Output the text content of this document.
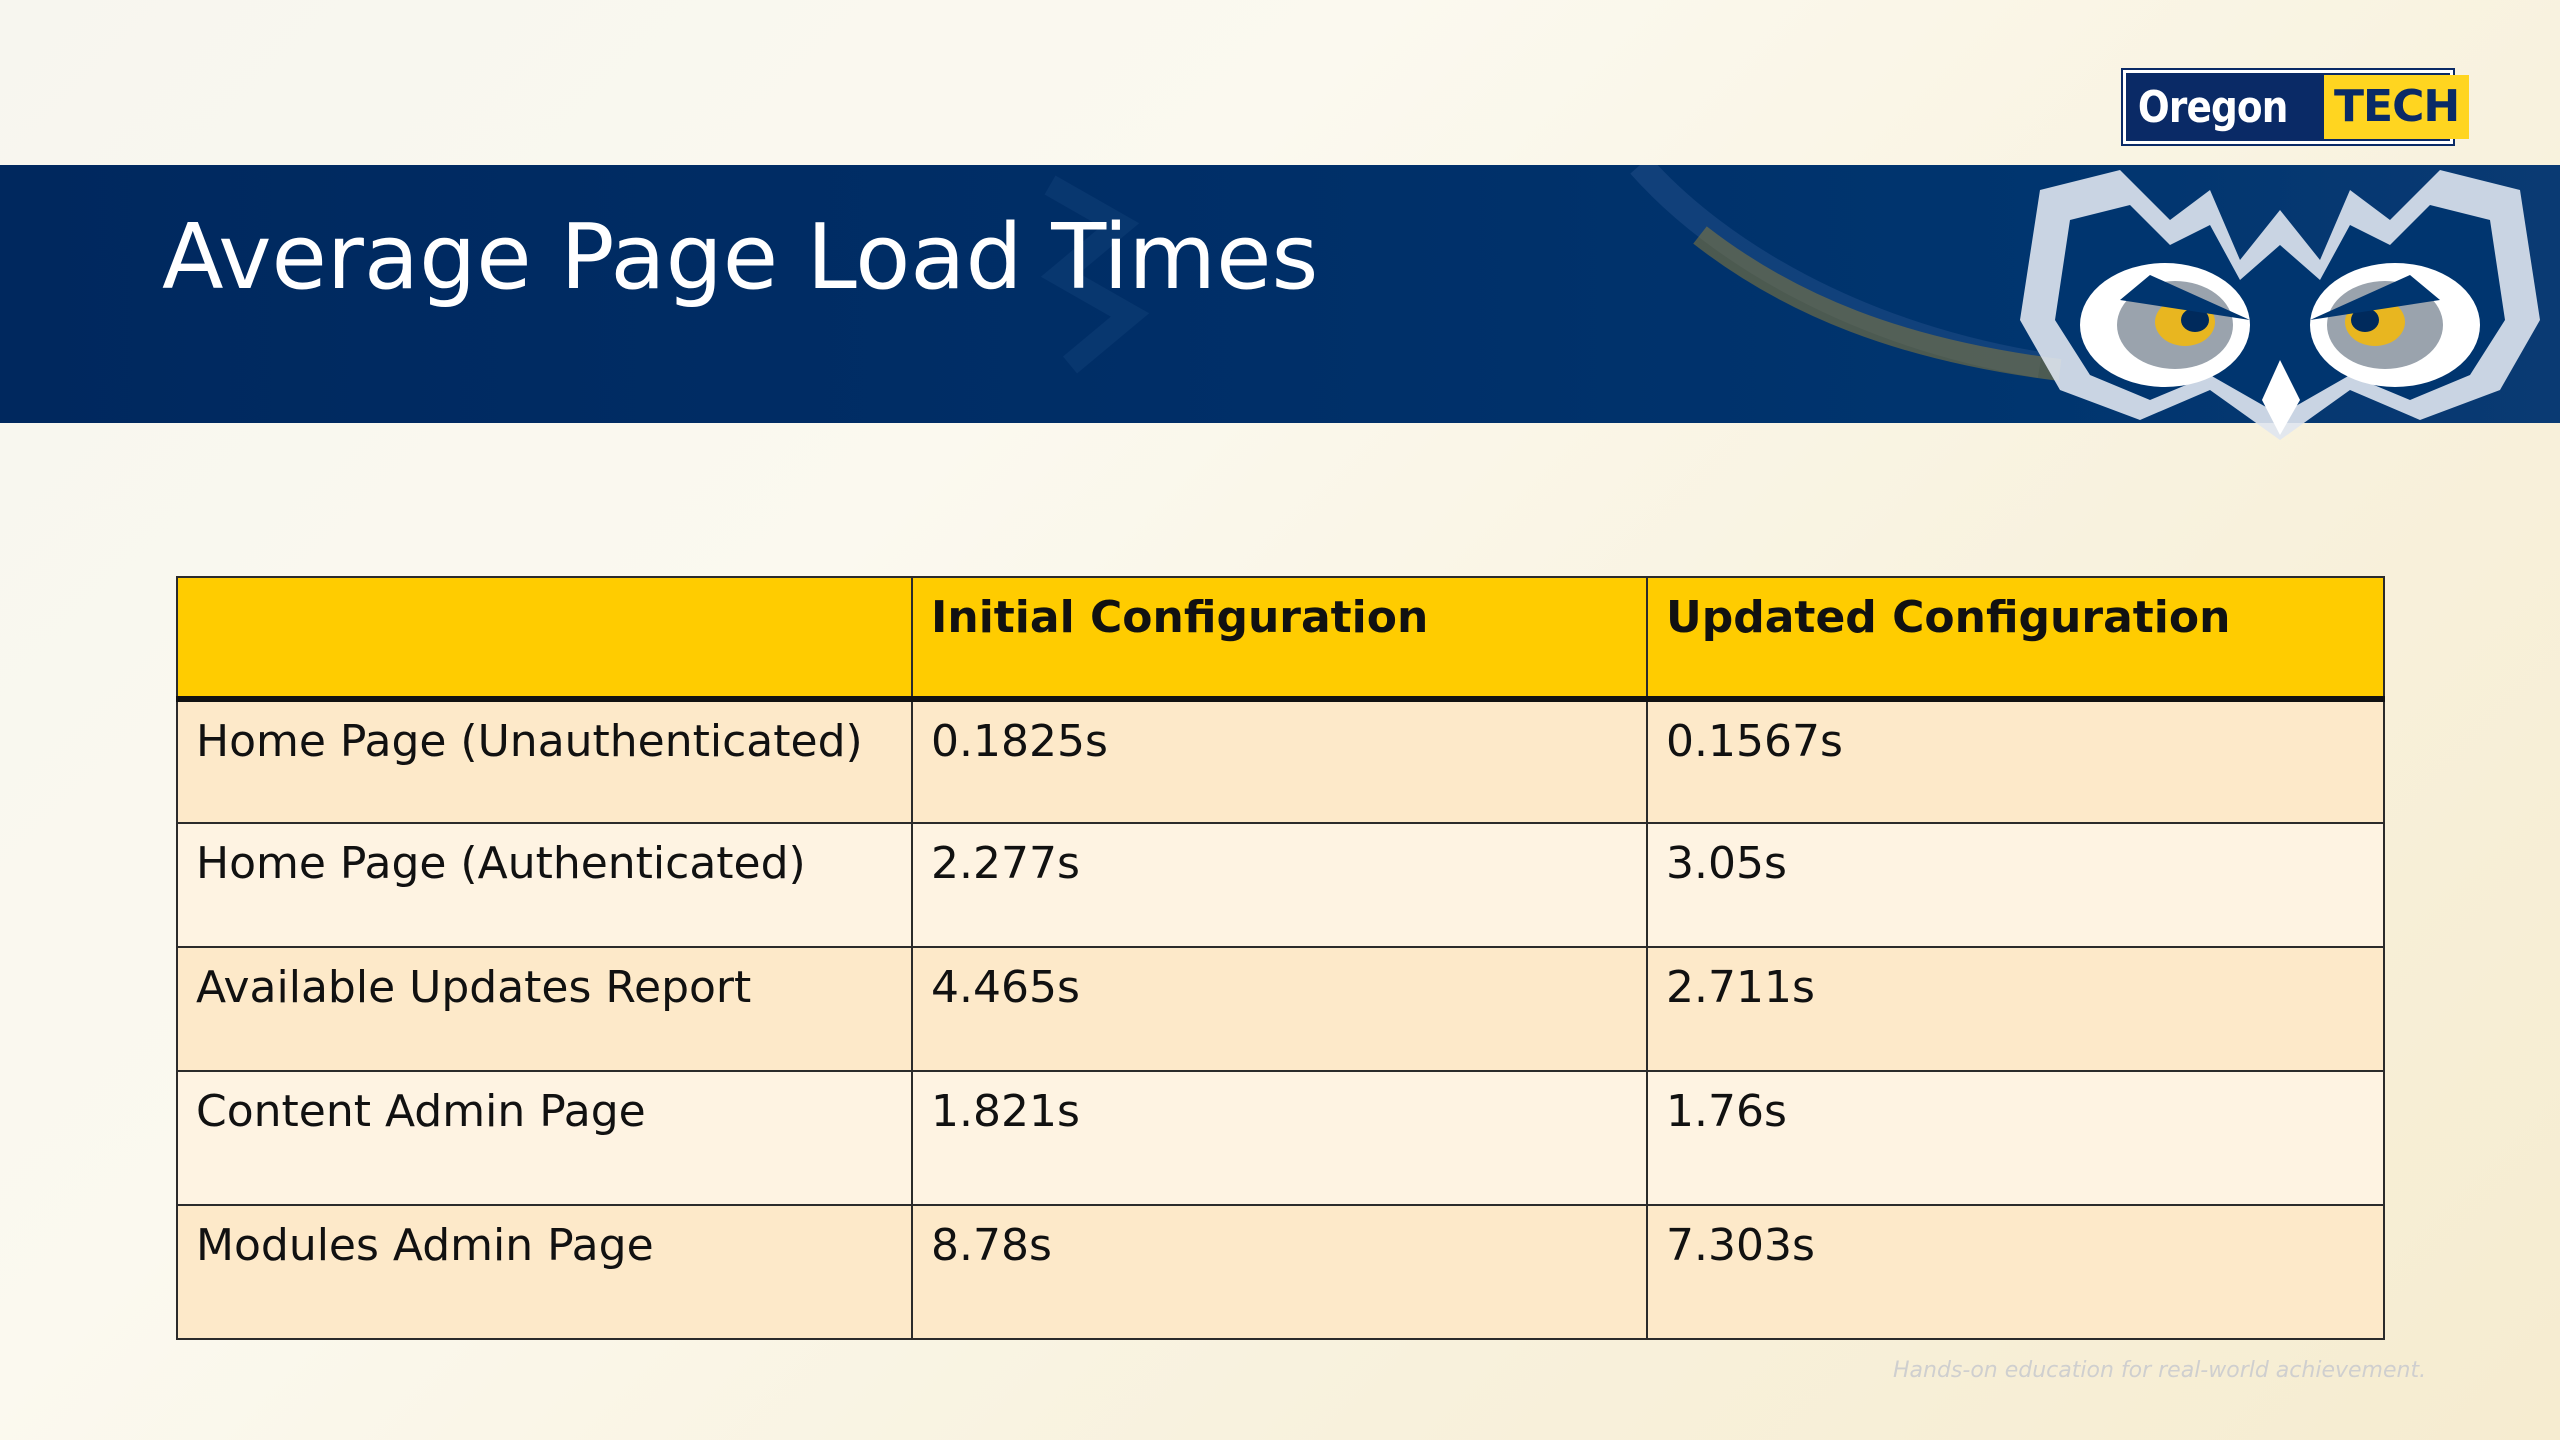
Oregon TECH
Average Page Load Times
	Initial Configuration	Updated Configuration
Home Page (Unauthenticated)	0.1825s	0.1567s
Home Page (Authenticated)	2.277s	3.05s
Available Updates Report	4.465s	2.711s
Content Admin Page	1.821s	1.76s
Modules Admin Page	8.78s	7.303s
Hands-on education for real-world achievement.
